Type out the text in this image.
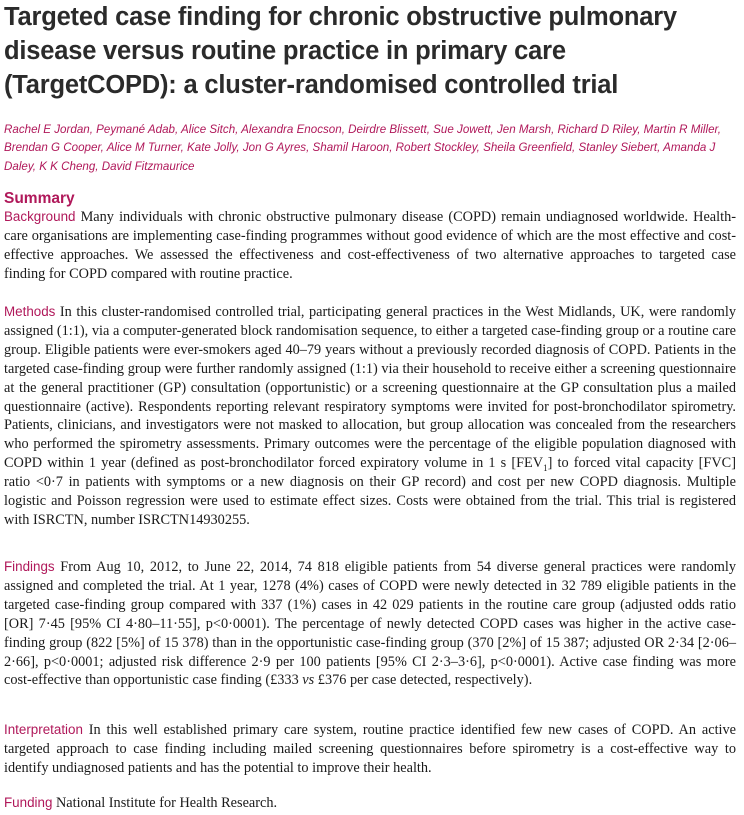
Targeted case finding for chronic obstructive pulmonary disease versus routine practice in primary care (TargetCOPD): a cluster-randomised controlled trial

Rachel E Jordan, Peymané Adab, Alice Sitch, Alexandra Enocson, Deirdre Blissett, Sue Jowett, Jen Marsh, Richard D Riley, Martin R Miller, Brendan G Cooper, Alice M Turner, Kate Jolly, Jon G Ayres, Shamil Haroon, Robert Stockley, Sheila Greenfield, Stanley Siebert, Amanda J Daley, K K Cheng, David Fitzmaurice

Summary

Background Many individuals with chronic obstructive pulmonary disease (COPD) remain undiagnosed worldwide. Health-care organisations are implementing case-finding programmes without good evidence of which are the most effective and cost-effective approaches. We assessed the effectiveness and cost-effectiveness of two alternative approaches to targeted case finding for COPD compared with routine practice.

Methods In this cluster-randomised controlled trial, participating general practices in the West Midlands, UK, were randomly assigned (1:1), via a computer-generated block randomisation sequence, to either a targeted case-finding group or a routine care group. Eligible patients were ever-smokers aged 40–79 years without a previously recorded diagnosis of COPD. Patients in the targeted case-finding group were further randomly assigned (1:1) via their household to receive either a screening questionnaire at the general practitioner (GP) consultation (opportunistic) or a screening questionnaire at the GP consultation plus a mailed questionnaire (active). Respondents reporting relevant respiratory symptoms were invited for post-bronchodilator spirometry. Patients, clinicians, and investigators were not masked to allocation, but group allocation was concealed from the researchers who performed the spirometry assessments. Primary outcomes were the percentage of the eligible population diagnosed with COPD within 1 year (defined as post-bronchodilator forced expiratory volume in 1 s $[FEV_1]$ to forced vital capacity [FVC] ratio <0·7 in patients with symptoms or a new diagnosis on their GP record) and cost per new COPD diagnosis. Multiple logistic and Poisson regression were used to estimate effect sizes. Costs were obtained from the trial. This trial is registered with ISRCTN, number ISRCTN14930255.

Findings From Aug 10, 2012, to June 22, 2014, 74 818 eligible patients from 54 diverse general practices were randomly assigned and completed the trial. At 1 year, 1278 (4%) cases of COPD were newly detected in 32 789 eligible patients in the targeted case-finding group compared with 337 (1%) cases in 42 029 patients in the routine care group (adjusted odds ratio [OR] 7·45 [95% CI 4·80–11·55], p<0·0001). The percentage of newly detected COPD cases was higher in the active case-finding group (822 [5%] of 15 378) than in the opportunistic case-finding group (370 [2%] of 15 387; adjusted OR 2·34 [2·06–2·66], p<0·0001; adjusted risk difference 2·9 per 100 patients [95% CI 2·3–3·6], p<0·0001). Active case finding was more cost-effective than opportunistic case finding (£333 vs £376 per case detected, respectively).

Interpretation In this well established primary care system, routine practice identified few new cases of COPD. An active targeted approach to case finding including mailed screening questionnaires before spirometry is a cost-effective way to identify undiagnosed patients and has the potential to improve their health.

Funding National Institute for Health Research.
